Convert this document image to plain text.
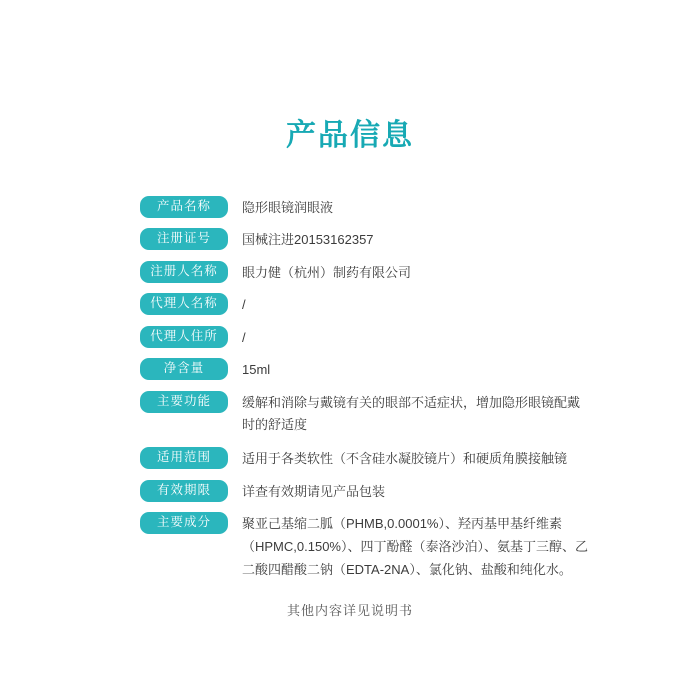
产品信息
产品名称	隐形眼镜润眼液
注册证号	国械注进20153162357
注册人名称	眼力健（杭州）制药有限公司
代理人名称	/
代理人住所	/
净含量	15ml
主要功能	缓解和消除与戴镜有关的眼部不适症状，增加隐形眼镜配戴时的舒适度
适用范围	适用于各类软性（不含硅水凝胶镜片）和硬质角膜接触镜
有效期限	详查有效期请见产品包装
主要成分	聚亚己基缩二胍（PHMB,0.0001%）、羟丙基甲基纤维素（HPMC,0.150%）、四丁酚醛（泰洛沙泊）、氨基丁三醇、乙二酸四醋酸二钠（EDTA-2NA）、氯化钠、盐酸和纯化水。
其他内容详见说明书
